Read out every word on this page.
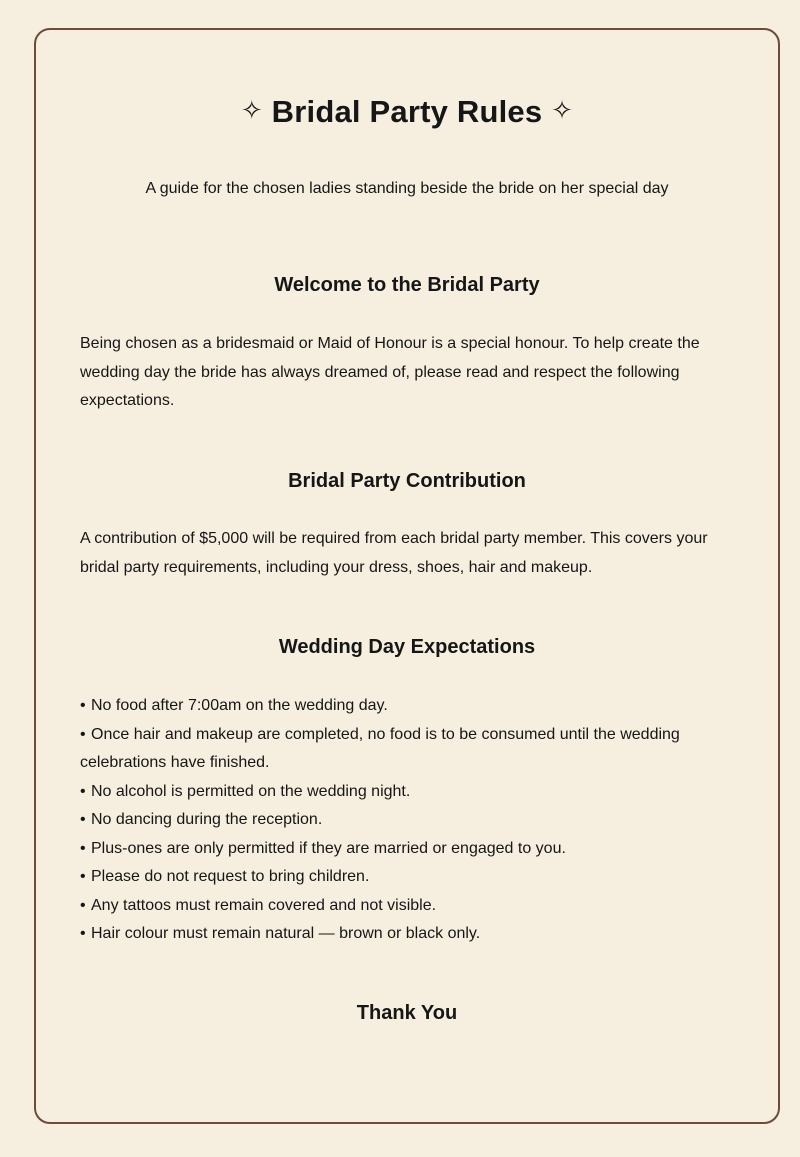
✧ Bridal Party Rules ✧
A guide for the chosen ladies standing beside the bride on her special day
Welcome to the Bridal Party
Being chosen as a bridesmaid or Maid of Honour is a special honour. To help create the wedding day the bride has always dreamed of, please read and respect the following expectations.
Bridal Party Contribution
A contribution of $5,000 will be required from each bridal party member. This covers your bridal party requirements, including your dress, shoes, hair and makeup.
Wedding Day Expectations
• No food after 7:00am on the wedding day.
• Once hair and makeup are completed, no food is to be consumed until the wedding celebrations have finished.
• No alcohol is permitted on the wedding night.
• No dancing during the reception.
• Plus-ones are only permitted if they are married or engaged to you.
• Please do not request to bring children.
• Any tattoos must remain covered and not visible.
• Hair colour must remain natural — brown or black only.
Thank You
